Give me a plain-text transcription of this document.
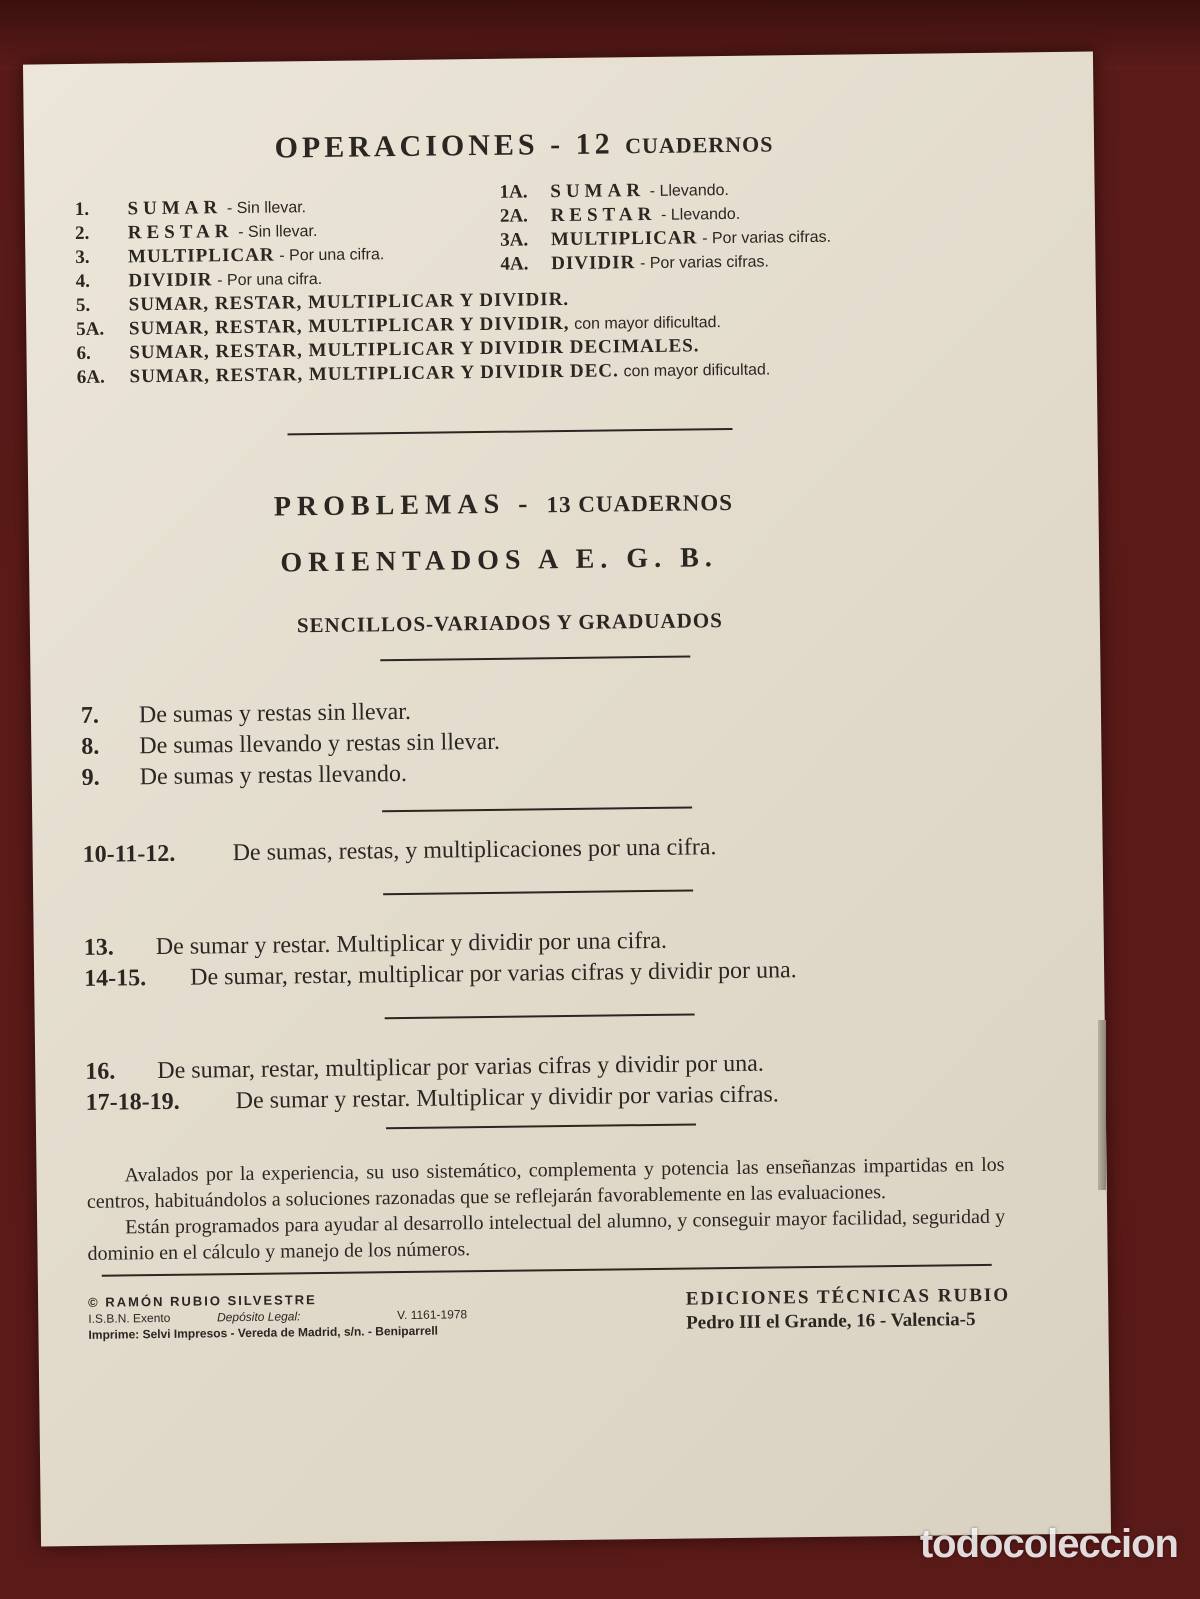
OPERACIONES - 12 CUADERNOS
1. SUMAR - Sin llevar.
2. RESTAR - Sin llevar.
3. MULTIPLICAR - Por una cifra.
4. DIVIDIR - Por una cifra.
1A. SUMAR - Llevando.
2A. RESTAR - Llevando.
3A. MULTIPLICAR - Por varias cifras.
4A. DIVIDIR - Por varias cifras.
5. SUMAR, RESTAR, MULTIPLICAR Y DIVIDIR.
5A. SUMAR, RESTAR, MULTIPLICAR Y DIVIDIR, con mayor dificultad.
6. SUMAR, RESTAR, MULTIPLICAR Y DIVIDIR DECIMALES.
6A. SUMAR, RESTAR, MULTIPLICAR Y DIVIDIR DEC. con mayor dificultad.
PROBLEMAS - 13 CUADERNOS
ORIENTADOS A E. G. B.
SENCILLOS-VARIADOS Y GRADUADOS
7. De sumas y restas sin llevar.
8. De sumas llevando y restas sin llevar.
9. De sumas y restas llevando.
10-11-12. De sumas, restas, y multiplicaciones por una cifra.
13. De sumar y restar. Multiplicar y dividir por una cifra.
14-15. De sumar, restar, multiplicar por varias cifras y dividir por una.
16. De sumar, restar, multiplicar por varias cifras y dividir por una.
17-18-19. De sumar y restar. Multiplicar y dividir por varias cifras.

Avalados por la experiencia, su uso sistemático, complementa y potencia las enseñanzas impartidas en los centros, habituándolos a soluciones razonadas que se reflejarán favorablemente en las evaluaciones.

Están programados para ayudar al desarrollo intelectual del alumno, y conseguir mayor facilidad, seguridad y dominio en el cálculo y manejo de los números.

© RAMÓN RUBIO SILVESTRE
I.S.B.N. Exento	Depósito Legal:	V. 1161-1978
Imprime: Selvi Impresos - Vereda de Madrid, s/n. - Beniparrell
EDICIONES TÉCNICAS RUBIO
Pedro III el Grande, 16 - Valencia-5
todocoleccion
